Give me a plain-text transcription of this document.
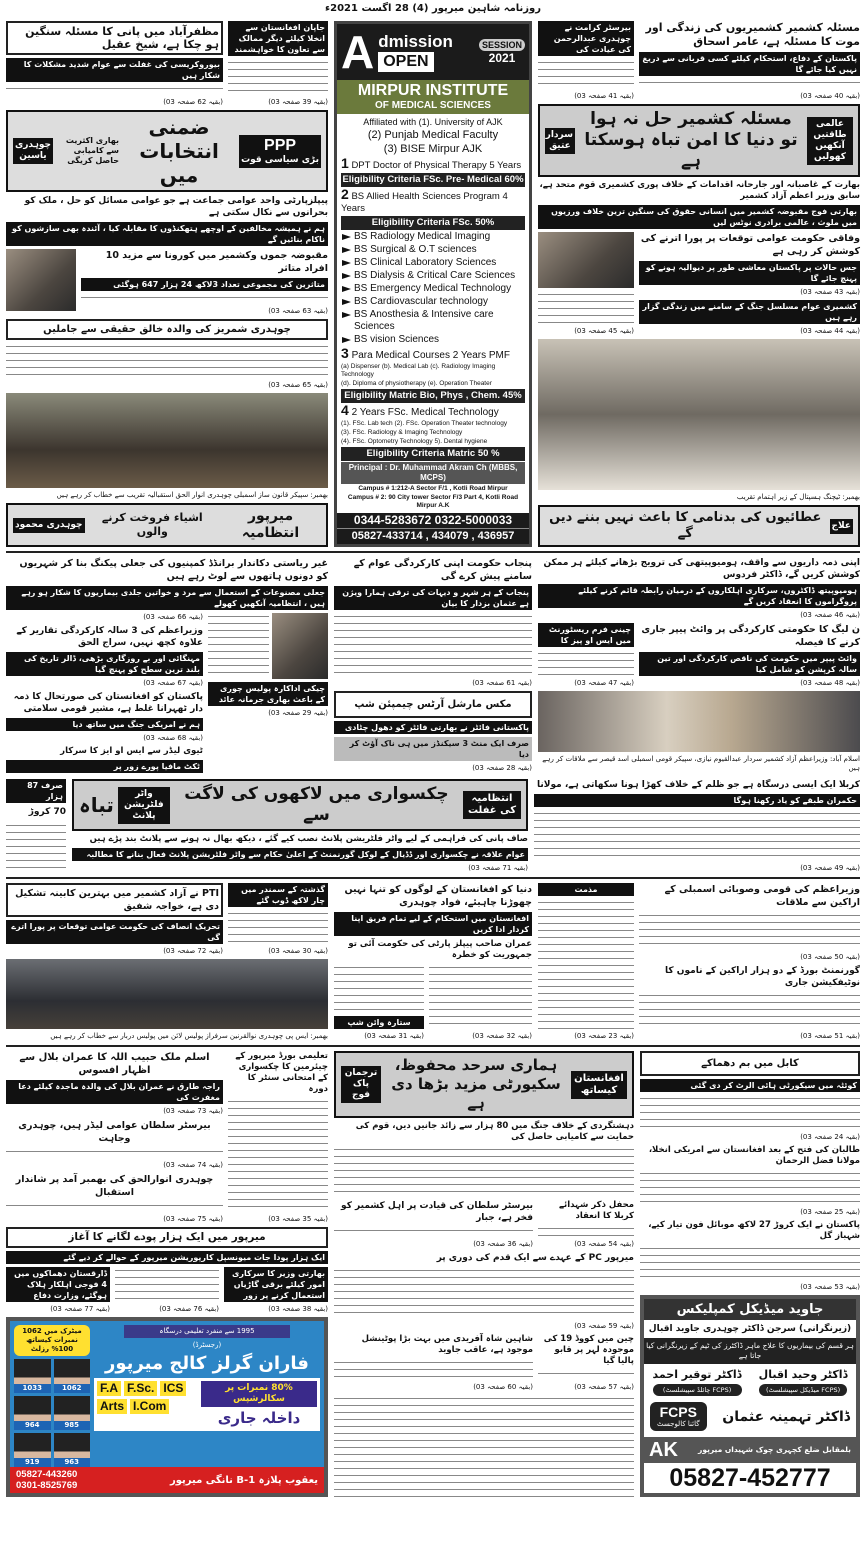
روزنامہ شاہین میرپور (4) 28 اگست 2021ء
مظفرآباد میں پانی کا مسئلہ سنگین ہو چکا ہے، شیخ عقیل
بیوروکریسی کی غفلت سے عوام شدید مشکلات کا شکار ہیں
(بقیہ 62 صفحہ 03)
جاپان افغانستان سے انخلا کیلئے دیگر ممالک سے تعاون کا خواہشمند
(بقیہ 39 صفحہ 03)
PPP
بڑی سیاسی قوت
ضمنی انتخابات میں
بھاری اکثریت سے کامیابی حاصل کریگی
چوہدری یاسین
پیپلزپارٹی واحد عوامی جماعت ہے جو عوامی مسائل کو حل ، ملک کو بحرانوں سے نکال سکتی ہے
ہم نے ہمیشہ مخالفین کے اوچھے ہتھکنڈوں کا مقابلہ کیا ، آئندہ بھی سازشوں کو ناکام بنائیں گے
مقبوضہ جموں وکشمیر میں کورونا سے مزید 10 افراد متاثر
متاثرین کی مجموعی تعداد 3لاکھ 24 ہزار 647 ہوگئی
(بقیہ 63 صفحہ 03)
چوہدری شمریز کی والدہ خالق حقیقی سے جاملیں
(بقیہ 65 صفحہ 03)
بھمبر: سپیکر قانون ساز اسمبلی چوہدری انوار الحق استقبالیہ تقریب سے خطاب کر رہے ہیں
میرپور انتظامیہ
اشیاء فروخت کرنے والوں
چوہدری محمود
A dmission
OPEN
SESSION
2021
MIRPUR INSTITUTE
OF MEDICAL SCIENCES
Affiliated with (1). University of AJK
(2) Punjab Medical Faculty
(3) BISE Mirpur AJK
1 DPT Doctor of Physical Therapy 5 Years
Eligibility Criteria FSc. Pre- Medical 60%
2 BS Allied Health Sciences Program 4 Years
Eligibility Criteria FSc. 50%
BS Radiology Medical Imaging
BS Surgical & O.T sciences
BS Clinical Laboratory Sciences
BS Dialysis & Critical Care Sciences
BS Emergency Medical Technology
BS Cardiovascular technology
BS Anosthesia & Intensive care Sciences
BS vision Sciences
3 Para Medical Courses 2 Years PMF
(a) Dispenser (b). Medical Lab (c). Radiology Imaging Technology
(d). Diploma of physiotherapy (e). Operation Theater
Eligibility Matric Bio, Phys , Chem. 45%
4 2 Years FSc. Medical Technology
(1). FSc. Lab tech (2). FSc. Operation Theater technology
(3). FSc. Radiology & Imaging Technology
(4). FSc. Optometry Technology 5). Dental hygiene
Eligibility Criteria Matric 50 %
Principal : Dr. Muhammad Akram Ch (MBBS, MCPS)
Campus # 1:212-A Sector F/1 , Kotli Road Mirpur
Campus # 2: 90 City tower Sector F/3 Part 4, Kotli Road Mirpur A.K
0344-5283672 0322-5000033
05827-433714 , 434079 , 436957
بیرسٹر کرامت نے چوہدری عبدالرحمن کی عیادت کی
(بقیہ 41 صفحہ 03)
مسئلہ کشمیر کشمیریوں کی زندگی اور موت کا مسئلہ ہے، عامر اسحاق
پاکستان کے دفاع، استحکام کیلئے کسی قربانی سے دریغ نہیں کیا جائے گا
(بقیہ 40 صفحہ 03)
عالمی طاقتیں آنکھیں کھولیں
مسئلہ کشمیر حل نہ ہوا تو دنیا کا امن تباہ ہوسکتا ہے
سردار عتیق
بھارت کے غاصبانہ اور جارحانہ اقدامات کے خلاف پوری کشمیری قوم متحد ہے، سابق وزیر اعظم آزاد کشمیر
بھارتی فوج مقبوضہ کشمیر میں انسانی حقوق کی سنگین ترین خلاف ورزیوں میں ملوث ، عالمی برادری نوٹس لیں
(بقیہ 45 صفحہ 03)
وفاقی حکومت عوامی توقعات پر پورا اترنے کی کوشش کر رہی ہے
جس حالات پر پاکستان معاشی طور پر دیوالیہ ہونے کو پہنچ جائے گا
(بقیہ 43 صفحہ 03)
کشمیری عوام مسلسل جنگ کے سامنے میں زندگی گزار رہے ہیں
(بقیہ 44 صفحہ 03)
بھمبر: ٹیچنگ ہسپتال کے زیر اہتمام تقریب
علاج
عطائیوں کی بدنامی کا باعث نہیں بننے دیں گے
غیر ریاستی دکاندار برانڈڈ کمپنیوں کی جعلی پیکنگ بنا کر شہریوں کو دونوں ہاتھوں سے لوٹ رہے ہیں
جعلی مصنوعات کے استعمال سے مرد و خواتین جلدی بیماریوں کا شکار ہو رہے ہیں ، انتظامیہ آنکھیں کھولے
(بقیہ 66 صفحہ 03)
وزیراعظم کی 3 سالہ کارکردگی تقاریر کے علاوہ کچھ نہیں، سراج الحق
مہنگائی اور بے روزگاری بڑھی، ڈالر تاریخ کی بلند ترین سطح کو پہنچ گیا
(بقیہ 67 صفحہ 03)
پاکستان کو افغانستان کی صورتحال کا ذمہ دار ٹھہرانا غلط ہے، مشیر قومی سلامتی
ہم نے امریکی جنگ میں ساتھ دیا
(بقیہ 68 صفحہ 03)
ٹیوی لیڈر سے ایس او ایز کا سرکار
ٹکٹ مافیا پورے زور پر
چیکی اداکارہ پولیس چوری کے باعث بھاری جرمانہ عائد
(بقیہ 29 صفحہ 03)
پنجاب حکومت اپنی کارکردگی عوام کے سامنے پیش کرے گی
پنجاب کے ہر شہر و دیہات کی ترقی ہمارا ویژن ہے عثمان بزدار کا بیان
(بقیہ 61 صفحہ 03)
مکس مارشل آرٹس چیمپئن شپ
پاکستانی فائٹر نے بھارتی فائٹر کو دھول چٹادی
صرف ایک منٹ 3 سیکنڈز میں ہی ناک آؤٹ کر دیا
(بقیہ 28 صفحہ 03)
اپنی ذمہ داریوں سے واقف، ہومیوپیتھی کی ترویج بڑھانے کیلئے ہر ممکن کوشش کریں گے، ڈاکٹر فردوس
ہومیوپیتھ ڈاکٹروں، سرکاری اہلکاروں کے درمیان رابطہ قائم کرنے کیلئے پروگراموں کا انعقاد کریں گے
(بقیہ 46 صفحہ 03)
چینی فرم ریسٹورنٹ میں ایس او پیز کا
(بقیہ 47 صفحہ 03)
ن لیگ کا حکومتی کارکردگی پر وائٹ پیپر جاری کرنے کا فیصلہ
وائٹ پیپر میں حکومت کی ناقص کارکردگی اور تین سالہ کرپشن کو شامل کیا
(بقیہ 48 صفحہ 03)
اسلام آباد: وزیراعظم آزاد کشمیر سردار عبدالقیوم نیازی، سپیکر قومی اسمبلی اسد قیصر سے ملاقات کر رہے ہیں
صرف 87 ہزار
70 کروڑ
انتظامیہ کی غفلت
چکسواری میں لاکھوں کی لاگت سے
واٹر فلٹریشن پلانٹ
تباہ
صاف پانی کی فراہمی کے لیے واٹر فلٹریشن پلانٹ نصب کیے گئے ، دیکھ بھال نہ ہونے سے پلانٹ بند پڑے ہیں
عوام علاقہ نے چکسواری اور ڈڈیال کے لوکل گورنمنٹ کے اعلیٰ حکام سے واٹر فلٹریشن پلانٹ فعال بنانے کا مطالبہ
(بقیہ 71 صفحہ 03)
کربلا ایک ایسی درسگاہ ہے جو ظلم کے خلاف کھڑا ہونا سکھاتی ہے، مولانا
حکمران طبقے کو یاد رکھنا ہوگا
(بقیہ 49 صفحہ 03)
PTI نے آزاد کشمیر میں بہترین کابینہ تشکیل دی ہے، خواجہ شفیق
تحریک انصاف کی حکومت عوامی توقعات پر پورا اترے گی
(بقیہ 72 صفحہ 03)
گذشتہ کے سمندر میں چار لاکھ ڈوب گئے
(بقیہ 30 صفحہ 03)
بھمبر: ایس پی چوہدری نوالقرنین سرفراز پولیس لائن میں پولیس دربار سے خطاب کر رہے ہیں
دنیا کو افغانستان کے لوگوں کو تنہا نہیں چھوڑنا چاہیئے، فواد چوہدری
افغانستان میں استحکام کے لیے تمام فریق اپنا کردار ادا کریں
عمران صاحب پیپلز پارٹی کی حکومت آئی تو جمہوریت کو خطرہ
ستارہ وائن شپ
(بقیہ 31 صفحہ 03)	(بقیہ 32 صفحہ 03)
مذمت
(بقیہ 23 صفحہ 03)
وزیراعظم کی قومی وصوبائی اسمبلی کے اراکین سے ملاقات
(بقیہ 50 صفحہ 03)
گورنمنٹ بورڈ کے دو ہزار اراکین کے ناموں کا نوٹیفکیشن جاری
(بقیہ 51 صفحہ 03)
اسلم ملک حبیب اللہ کا عمران بلال سے اظہار افسوس
راجہ طارق نے عمران بلال کی والدہ ماجدہ کیلئے دعا مغفرت کی
(بقیہ 73 صفحہ 03)
بیرسٹر سلطان عوامی لیڈر ہیں، چوہدری وجاہت
(بقیہ 74 صفحہ 03)
چوہدری انوارالحق کی بھمبر آمد پر شاندار استقبال
(بقیہ 75 صفحہ 03)
تعلیمی بورڈ میرپور کے چیئرمین کا چکسواری کے امتحانی سنٹر کا دورہ
(بقیہ 35 صفحہ 03)
میرپور میں ایک ہزار پودے لگانے کا آغاز
ایک ہزار پودا جات میونسپل کارپوریشن میرپور کے حوالے کر دیے گئے
ڈارقستان دھماکوں میں 4 فوجی اہلکار ہلاک ہوگئے، وزارت دفاع
(بقیہ 77 صفحہ 03)	(بقیہ 76 صفحہ 03)
بھارتی وزیر کا سرکاری امور کیلئے برقی گاڑیاں استعمال کرنے پر زور
(بقیہ 38 صفحہ 03)
میٹرک میں 1062 نمبرات کیساتھ 100% رزلٹ
1033	1062
964	985
919	963
1995 سے منفرد تعلیمی درسگاہ
(رجسٹرڈ)
فاران گرلز کالج میرپور
F.A F.Sc. ICS
Arts I.Com
80% نمبرات پر سکالرشپس
داخلہ جاری
05827-443260
0301-8525769	یعقوب پلازہ B-1 نانگی میرپور
افغانستان کیساتھ
ہماری سرحد محفوظ، سکیورٹی مزید بڑھا دی ہے
ترجمان پاک فوج
دہشتگردی کے خلاف جنگ میں 80 ہزار سے زائد جانیں دیں، قوم کی حمایت سے کامیابی حاصل کی
بیرسٹر سلطان کی قیادت پر اہل کشمیر کو فخر ہے، جبار
(بقیہ 36 صفحہ 03)
محفل ذکر شہدائے کربلا کا انعقاد
(بقیہ 54 صفحہ 03)
میرپور PC کے عہدے سے ایک قدم کی دوری پر
(بقیہ 59 صفحہ 03)
شاہین شاہ آفریدی میں بہت بڑا پوٹینشل موجود ہے، عاقب جاوید
(بقیہ 60 صفحہ 03)
چین میں کووڈ 19 کی موجودہ لہر پر قابو پالیا گیا
(بقیہ 57 صفحہ 03)
کابل میں بم دھماکے
کوئٹہ میں سیکورٹی ہائی الرٹ کر دی گئی
(بقیہ 24 صفحہ 03)
طالبان کی فتح کے بعد افغانستان سے امریکی انخلا، مولانا فضل الرحمان
(بقیہ 25 صفحہ 03)
پاکستان نے ایک کروڑ 27 لاکھ موبائل فون تیار کیے، شہباز گل
(بقیہ 53 صفحہ 03)
جاوید میڈیکل کمپلیکس
(زیرنگرانی) سرجن ڈاکٹر چوہدری جاوید اقبال
ہر قسم کی بیماریوں کا علاج ماہر ڈاکٹرز کی ٹیم کے زیرنگرانی کیا جاتا ہے
ڈاکٹر وحید اقبال
(FCPS میڈیکل سپیشلسٹ)
ڈاکٹر توقیر احمد
(FCPS چائلڈ سپیشلسٹ)
FCPS
گائنا کالوجسٹ ڈاکٹر تہمینہ عثمان
بلمقابل ضلع کچہری چوک شہیداں میرپور
AK
05827-452777
